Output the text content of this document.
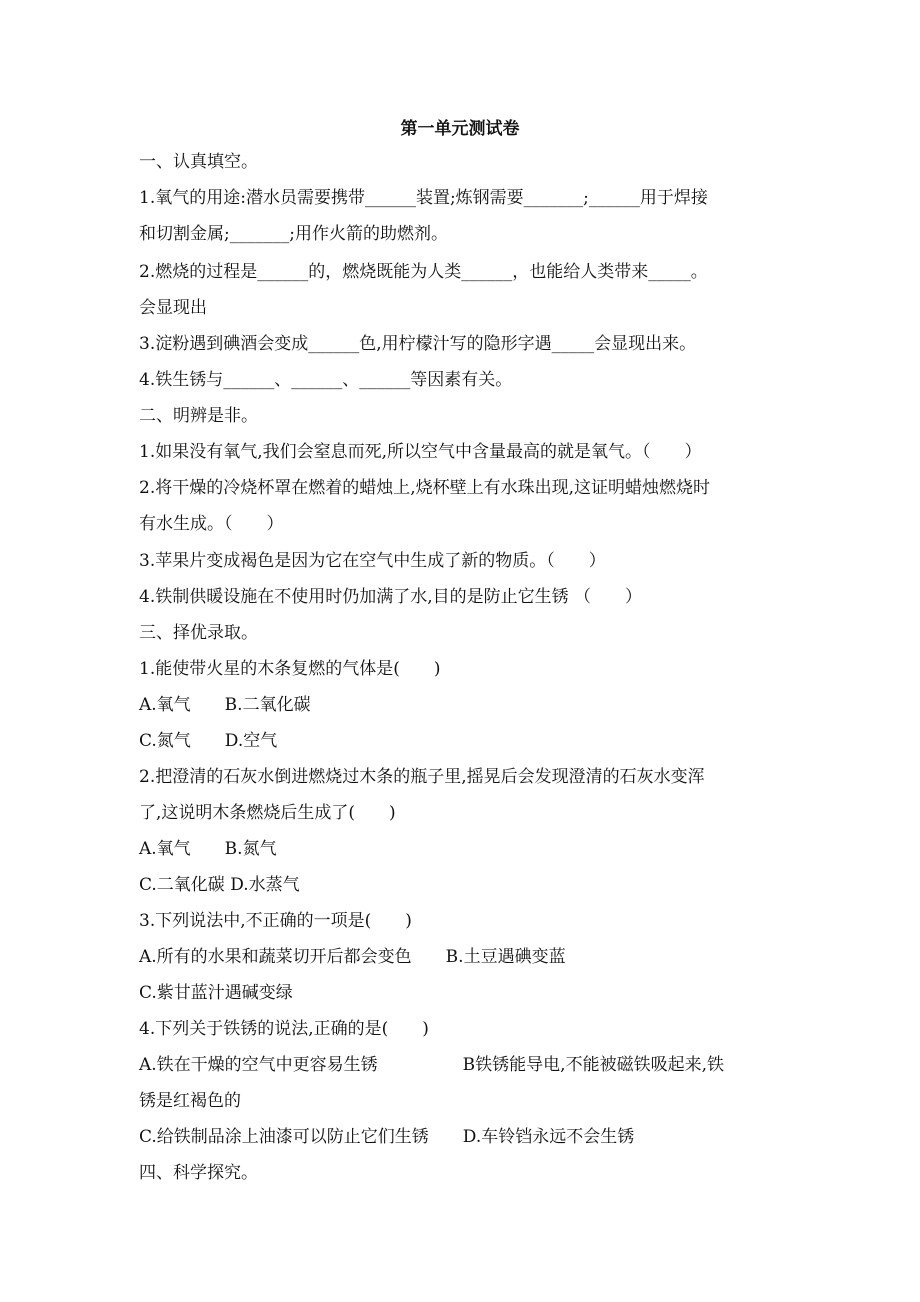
第一单元测试卷
一、认真填空。
1.氧气的用途:潜水员需要携带______装置;炼钢需要_______;______用于焊接
和切割金属;_______;用作火箭的助燃剂。
2.燃烧的过程是______的，燃烧既能为人类______，也能给人类带来_____。
会显现出
3.淀粉遇到碘酒会变成______色,用柠檬汁写的隐形字遇_____会显现出来。
4.铁生锈与______、______、______等因素有关。
二、明辨是非。
1.如果没有氧气,我们会窒息而死,所以空气中含量最高的就是氧气。（　　）
2.将干燥的冷烧杯罩在燃着的蜡烛上,烧杯壁上有水珠出现,这证明蜡烛燃烧时
有水生成。（　　）
3.苹果片变成褐色是因为它在空气中生成了新的物质。（　　）
4.铁制供暖设施在不使用时仍加满了水,目的是防止它生锈 （　　）
三、择优录取。
1.能使带火星的木条复燃的气体是(　　)
A.氧气　　B.二氧化碳
C.氮气　　D.空气
2.把澄清的石灰水倒进燃烧过木条的瓶子里,摇晃后会发现澄清的石灰水变浑
了,这说明木条燃烧后生成了(　　)
A.氧气　　B.氮气
C.二氧化碳 D.水蒸气
3.下列说法中,不正确的一项是(　　)
A.所有的水果和蔬菜切开后都会变色　　B.土豆遇碘变蓝
C.紫甘蓝汁遇碱变绿
4.下列关于铁锈的说法,正确的是(　　)
A.铁在干燥的空气中更容易生锈　　　　　B铁锈能导电,不能被磁铁吸起来,铁
锈是红褐色的
C.给铁制品涂上油漆可以防止它们生锈　　D.车铃铛永远不会生锈
四、科学探究。
